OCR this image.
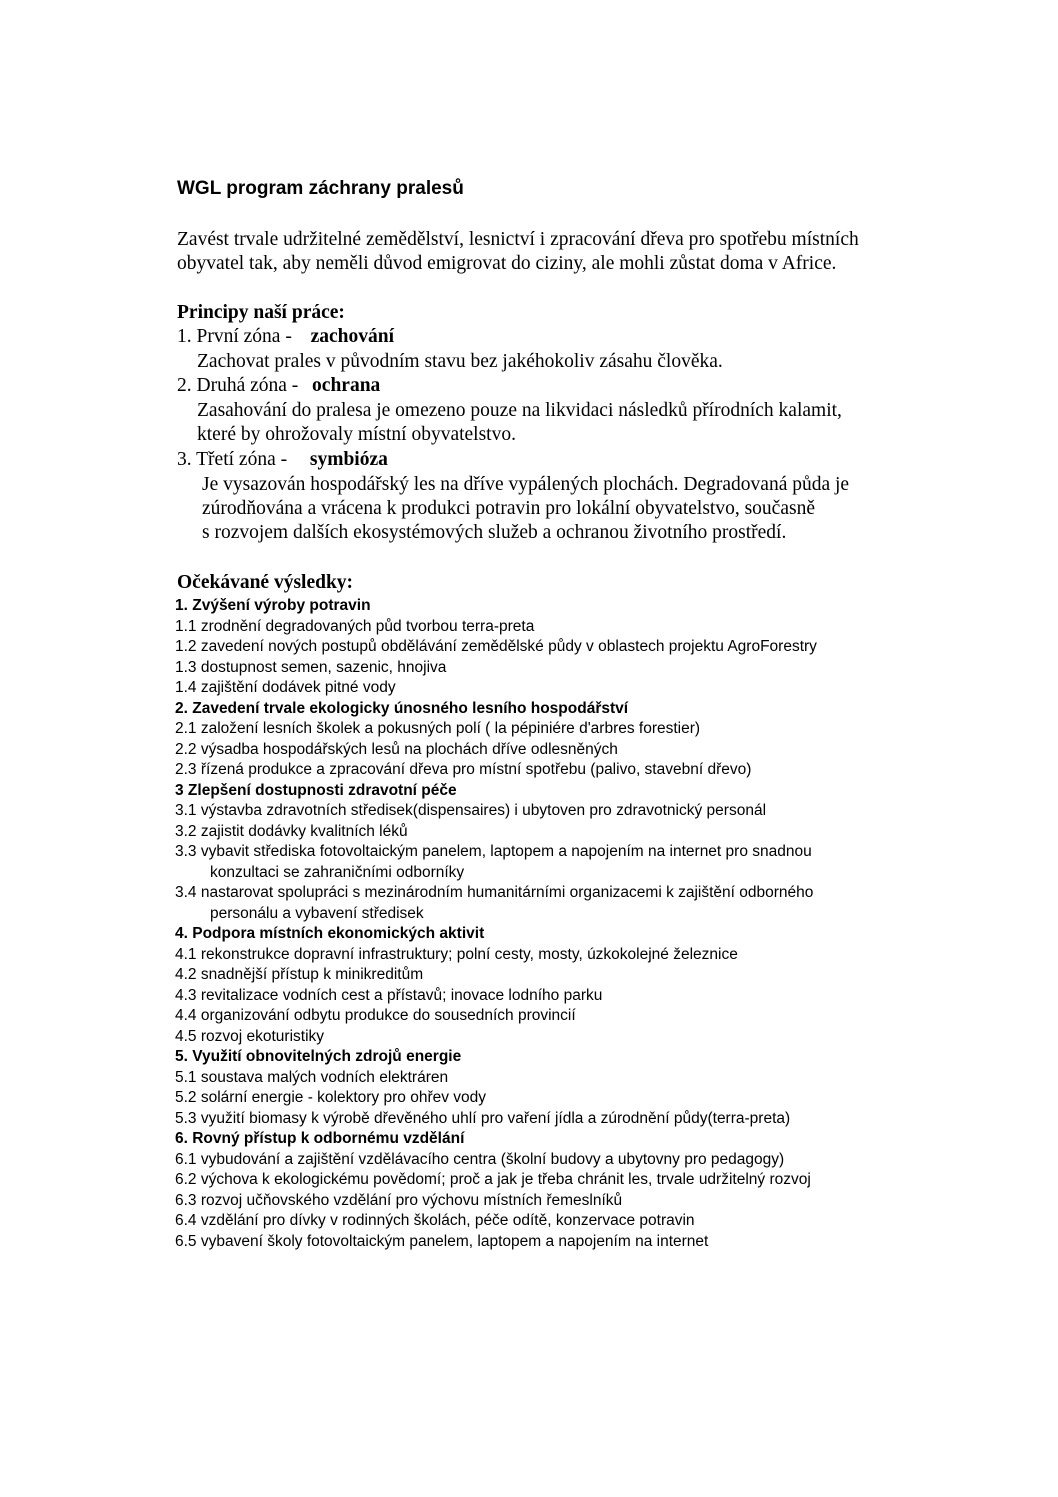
WGL program záchrany pralesů
Zavést trvale udržitelné zemědělství, lesnictví i zpracování dřeva pro spotřebu místních
obyvatel tak, aby neměli důvod emigrovat do ciziny, ale mohli zůstat doma v Africe.
Principy naší práce:
1. První zóna - zachování
Zachovat prales v původním stavu bez jakéhokoliv zásahu člověka.
2. Druhá zóna - ochrana
Zasahování do pralesa je omezeno pouze na likvidaci následků přírodních kalamit,
které by ohrožovaly místní obyvatelstvo.
3. Třetí zóna - symbióza
Je vysazován hospodářský les na dříve vypálených plochách. Degradovaná půda je
zúrodňována a vrácena k produkci potravin pro lokální obyvatelstvo, současně
s rozvojem dalších ekosystémových služeb a ochranou životního prostředí.
Očekávané výsledky:
1. Zvýšení výroby potravin
1.1 zrodnění degradovaných půd tvorbou terra-preta
1.2 zavedení nových postupů obdělávání zemědělské půdy v oblastech projektu AgroForestry
1.3 dostupnost semen, sazenic, hnojiva
1.4 zajištění dodávek pitné vody
2. Zavedení trvale ekologicky únosného lesního hospodářství
2.1 založení lesních školek a pokusných polí ( la pépiniére d'arbres forestier)
2.2 výsadba hospodářských lesů na plochách dříve odlesněných
2.3 řízená produkce a zpracování dřeva pro místní spotřebu (palivo, stavební dřevo)
3 Zlepšení dostupnosti zdravotní péče
3.1 výstavba zdravotních středisek(dispensaires) i ubytoven pro zdravotnický personál
3.2 zajistit dodávky kvalitních léků
3.3 vybavit střediska fotovoltaickým panelem, laptopem a napojením na internet pro snadnou
konzultaci se zahraničními odborníky
3.4 nastarovat spolupráci s mezinárodním humanitárními organizacemi k zajištění odborného
personálu a vybavení středisek
4. Podpora místních ekonomických aktivit
4.1 rekonstrukce dopravní infrastruktury; polní cesty, mosty, úzkokolejné železnice
4.2 snadnější přístup k minikreditům
4.3 revitalizace vodních cest a přístavů; inovace lodního parku
4.4 organizování odbytu produkce do sousedních provincií
4.5 rozvoj ekoturistiky
5. Využití obnovitelných zdrojů energie
5.1 soustava malých vodních elektráren
5.2 solární energie - kolektory pro ohřev vody
5.3 využití biomasy k výrobě dřevěného uhlí pro vaření jídla a zúrodnění půdy(terra-preta)
6. Rovný přístup k odbornému vzdělání
6.1 vybudování a zajištění vzdělávacího centra (školní budovy a ubytovny pro pedagogy)
6.2 výchova k ekologickému povědomí; proč a jak je třeba chránit les, trvale udržitelný rozvoj
6.3 rozvoj učňovského vzdělání pro výchovu místních řemeslníků
6.4 vzdělání pro dívky v rodinných školách, péče odítě, konzervace potravin
6.5 vybavení školy fotovoltaickým panelem, laptopem a napojením na internet
